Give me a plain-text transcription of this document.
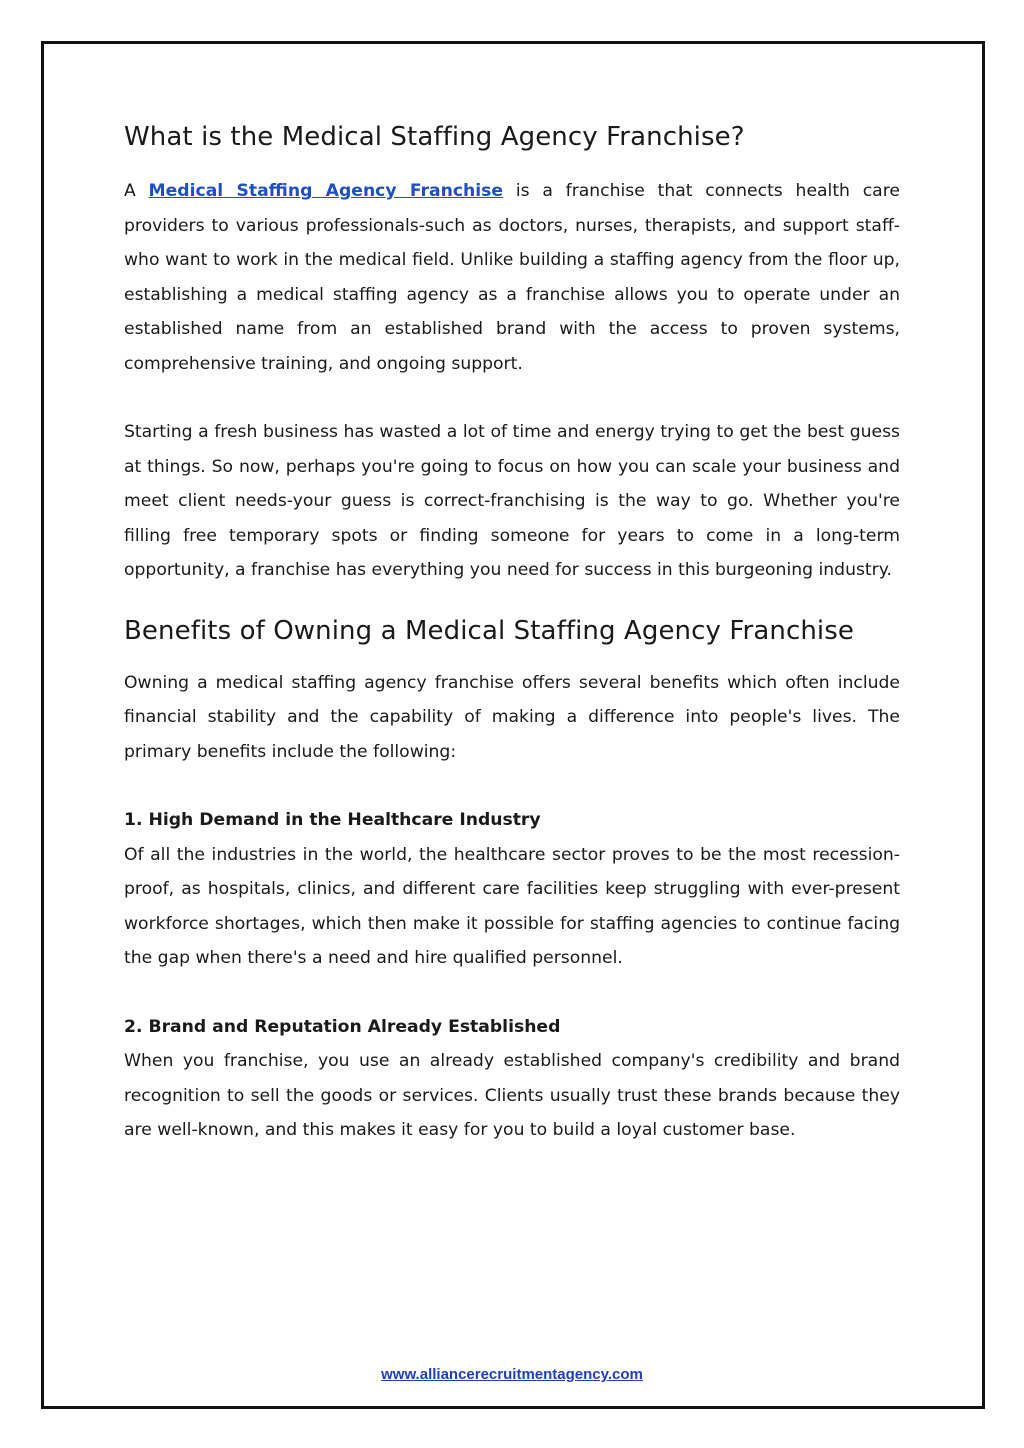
What is the Medical Staffing Agency Franchise?

A Medical Staffing Agency Franchise is a franchise that connects health care providers to various professionals-such as doctors, nurses, therapists, and support staff-who want to work in the medical field. Unlike building a staffing agency from the floor up, establishing a medical staffing agency as a franchise allows you to operate under an established name from an established brand with the access to proven systems, comprehensive training, and ongoing support.

Starting a fresh business has wasted a lot of time and energy trying to get the best guess at things. So now, perhaps you're going to focus on how you can scale your business and meet client needs-your guess is correct-franchising is the way to go. Whether you're filling free temporary spots or finding someone for years to come in a long-term opportunity, a franchise has everything you need for success in this burgeoning industry.

Benefits of Owning a Medical Staffing Agency Franchise

Owning a medical staffing agency franchise offers several benefits which often include financial stability and the capability of making a difference into people's lives. The primary benefits include the following:

1. High Demand in the Healthcare Industry

Of all the industries in the world, the healthcare sector proves to be the most recession-proof, as hospitals, clinics, and different care facilities keep struggling with ever-present workforce shortages, which then make it possible for staffing agencies to continue facing the gap when there's a need and hire qualified personnel.

2. Brand and Reputation Already Established

When you franchise, you use an already established company's credibility and brand recognition to sell the goods or services. Clients usually trust these brands because they are well-known, and this makes it easy for you to build a loyal customer base.

www.alliancerecruitmentagency.com
